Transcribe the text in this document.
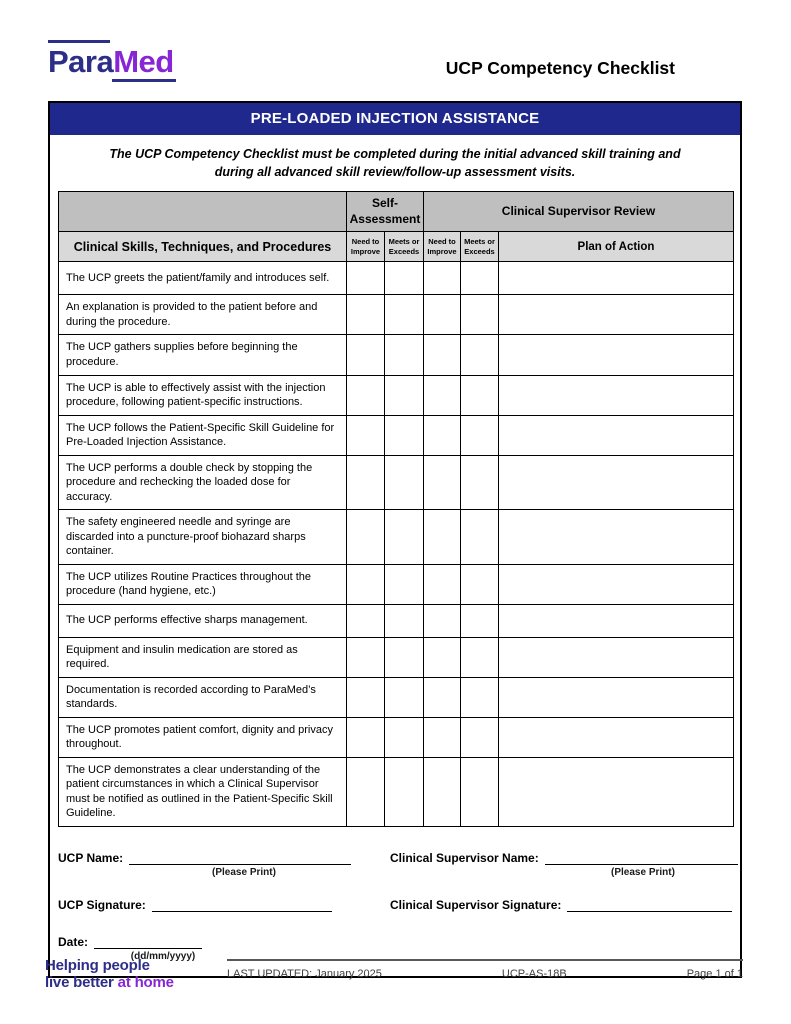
ParaMed	UCP Competency Checklist
PRE-LOADED INJECTION ASSISTANCE

The UCP Competency Checklist must be completed during the initial advanced skill training and during all advanced skill review/follow-up assessment visits.

	Self-Assessment		Clinical Supervisor Review		
Clinical Skills, Techniques, and Procedures	Need to Improve	Meets or Exceeds	Need to Improve	Meets or Exceeds	Plan of Action
The UCP greets the patient/family and introduces self.					
An explanation is provided to the patient before and during the procedure.					
The UCP gathers supplies before beginning the procedure.					
The UCP is able to effectively assist with the injection procedure, following patient-specific instructions.					
The UCP follows the Patient-Specific Skill Guideline for Pre-Loaded Injection Assistance.					
The UCP performs a double check by stopping the procedure and rechecking the loaded dose for accuracy.					
The safety engineered needle and syringe are discarded into a puncture-proof biohazard sharps container.					
The UCP utilizes Routine Practices throughout the procedure (hand hygiene, etc.)					
The UCP performs effective sharps management.					
Equipment and insulin medication are stored as required.					
Documentation is recorded according to ParaMed’s standards.					
The UCP promotes patient comfort, dignity and privacy throughout.					
The UCP demonstrates a clear understanding of the patient circumstances in which a Clinical Supervisor must be notified as outlined in the Patient-Specific Skill Guideline.					
UCP Name:
(Please Print)
Clinical Supervisor Name:
(Please Print)
UCP Signature:	Clinical Supervisor Signature:
Date:
(dd/mm/yyyy)
Helping people
live better at home
LAST UPDATED: January 2025	UCP-AS-18B	Page 1 of 1
